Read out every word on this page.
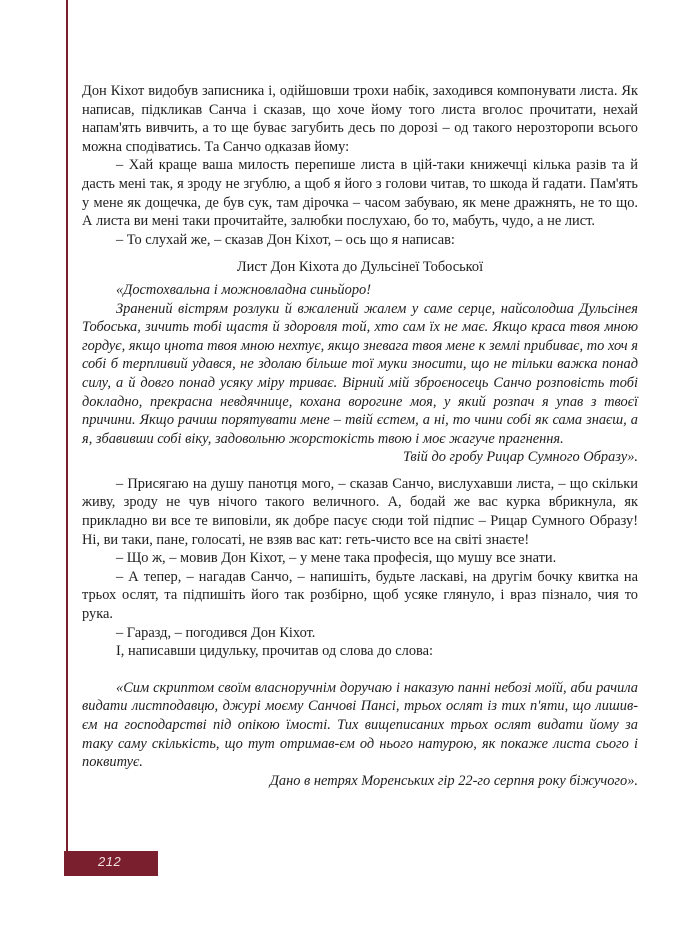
Дон Кіхот видобув записника і, одійшовши трохи набік, заходився компонувати листа. Як написав, підкликав Санча і сказав, що хоче йому того листа вголос прочитати, нехай напам'ять вивчить, а то ще буває загубить десь по дорозі – од такого нерозторопи всього можна сподіватись. Та Санчо одказав йому:

– Хай краще ваша милость перепише листа в цій-таки книжечці кілька разів та й дасть мені так, я зроду не згублю, а щоб я його з голови читав, то шкода й гадати. Пам'ять у мене як дощечка, де був сук, там дірочка – часом забуваю, як мене дражнять, не то що. А листа ви мені таки прочитайте, залюбки послухаю, бо то, мабуть, чудо, а не лист.

– То слухай же, – сказав Дон Кіхот, – ось що я написав:

Лист Дон Кіхота до Дульсінеї Тобоської

«Достохвальна і можновладна синьйоро!

Зранений вістрям розлуки й вжалений жалем у саме серце, найсолодша Дульсінея Тобоська, зичить тобі щастя й здоровля той, хто сам їх не має. Якщо краса твоя мною гордує, якщо цнота твоя мною нехтує, якщо зневага твоя мене к землі прибиває, то хоч я собі б терпливий удався, не здолаю більше тої муки зносити, що не тільки важка понад силу, а й довго понад усяку міру триває. Вірний мій зброєносець Санчо розповість тобі докладно, прекрасна невдячнице, кохана ворогине моя, у який розпач я упав з твоєї причини. Якщо рачиш порятувати мене – твій єстем, а ні, то чини собі як сама знаєш, а я, збавивши собі віку, задовольню жорстокість твою і моє жагуче прагнення.

Твій до гробу Рицар Сумного Образу».

– Присягаю на душу панотця мого, – сказав Санчо, вислухавши листа, – що скільки живу, зроду не чув нічого такого величного. А, бодай же вас курка вбрикнула, як прикладно ви все те виповіли, як добре пасує сюди той підпис – Рицар Сумного Образу! Ні, ви таки, пане, голоcaті, не взяв вас кат: геть-чисто все на світі знаєте!

– Що ж, – мовив Дон Кіхот, – у мене така професія, що мушу все знати.

– А тепер, – нагадав Санчо, – напишіть, будьте ласкаві, на другім бочку квитка на трьох ослят, та підпишіть його так розбірно, щоб усяке глянуло, і враз пізнало, чия то рука.

– Гаразд, – погодився Дон Кіхот.

І, написавши цидульку, прочитав од слова до слова:

«Сим скриптом своїм власноручнім доручаю і наказую панні небозі моїй, аби рачила видати листподавцю, джурі моєму Санчові Пансі, трьох ослят із тих п'яти, що лишив-єм на господарстві під опікою їмості. Тих вищеписаних трьох ослят видати йому за таку саму скількість, що тут отримав-єм од нього натурою, як покаже листа сього і поквитує.

Дано в нетрях Моренських гір 22-го серпня року біжучого».

212
